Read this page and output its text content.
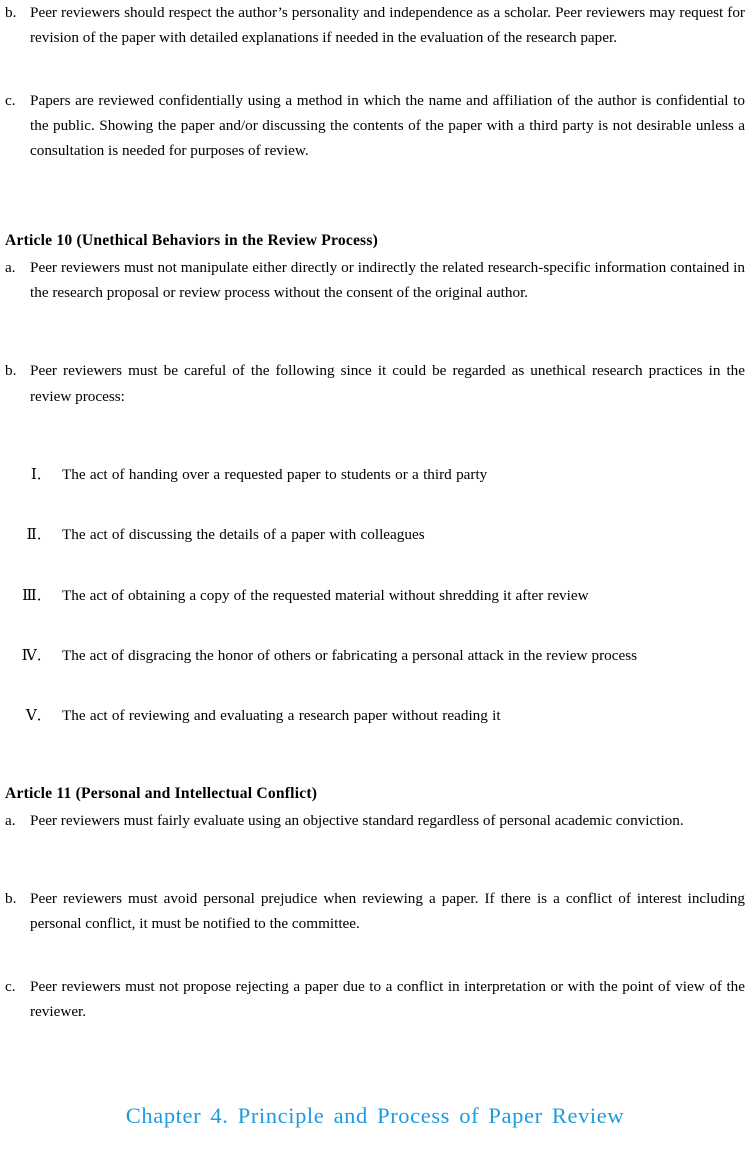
b. Peer reviewers should respect the author’s personality and independence as a scholar. Peer reviewers may request for revision of the paper with detailed explanations if needed in the evaluation of the research paper.
c. Papers are reviewed confidentially using a method in which the name and affiliation of the author is confidential to the public. Showing the paper and/or discussing the contents of the paper with a third party is not desirable unless a consultation is needed for purposes of review.
Article 10 (Unethical Behaviors in the Review Process)
a. Peer reviewers must not manipulate either directly or indirectly the related research-specific information contained in the research proposal or review process without the consent of the original author.
b. Peer reviewers must be careful of the following since it could be regarded as unethical research practices in the review process:
Ⅰ． The act of handing over a requested paper to students or a third party
Ⅱ． The act of discussing the details of a paper with colleagues
Ⅲ． The act of obtaining a copy of the requested material without shredding it after review
Ⅳ． The act of disgracing the honor of others or fabricating a personal attack in the review process
Ⅴ． The act of reviewing and evaluating a research paper without reading it
Article 11 (Personal and Intellectual Conflict)
a. Peer reviewers must fairly evaluate using an objective standard regardless of personal academic conviction.
b. Peer reviewers must avoid personal prejudice when reviewing a paper. If there is a conflict of interest including personal conflict, it must be notified to the committee.
c. Peer reviewers must not propose rejecting a paper due to a conflict in interpretation or with the point of view of the reviewer.
Chapter 4. Principle and Process of Paper Review
